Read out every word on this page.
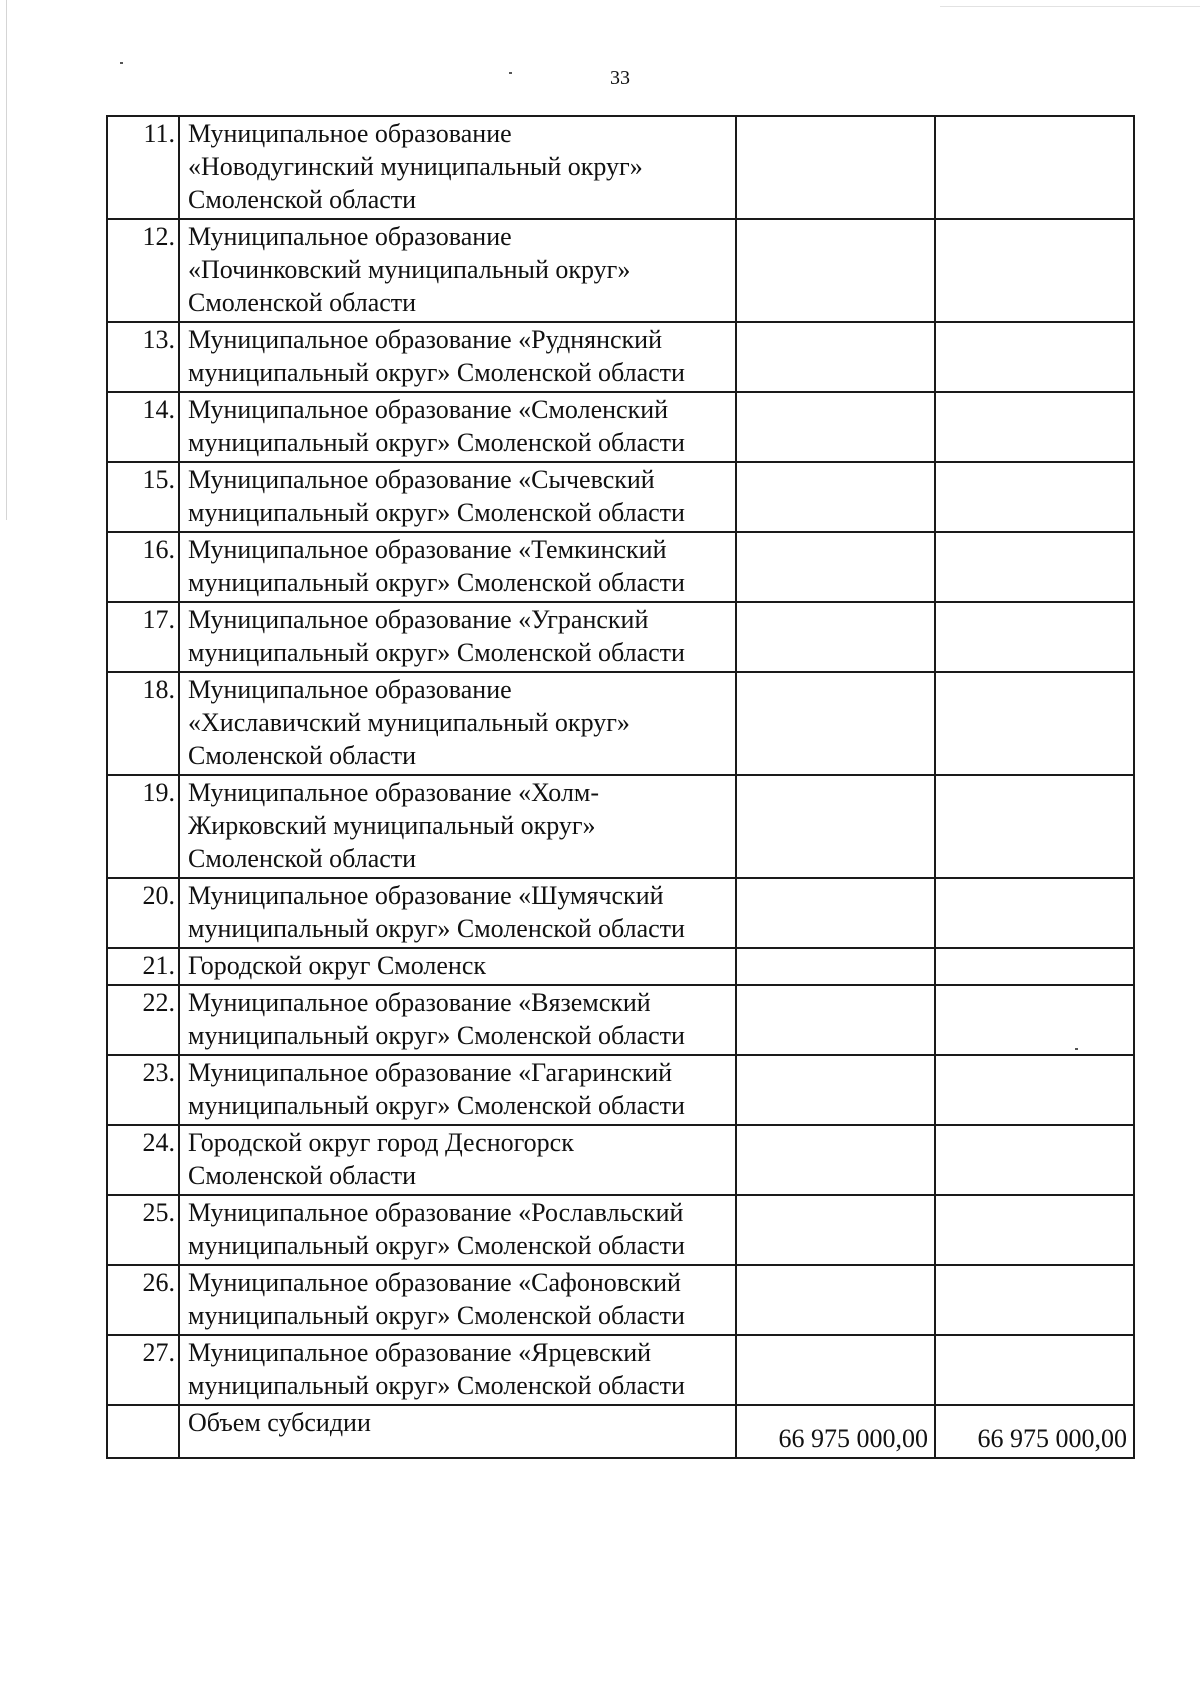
33
11.	Муниципальное образование
«Новодугинский муниципальный округ»
Смоленской области		
12.	Муниципальное образование
«Починковский муниципальный округ»
Смоленской области		
13.	Муниципальное образование «Руднянский
муниципальный округ» Смоленской области		
14.	Муниципальное образование «Смоленский
муниципальный округ» Смоленской области		
15.	Муниципальное образование «Сычевский
муниципальный округ» Смоленской области		
16.	Муниципальное образование «Темкинский
муниципальный округ» Смоленской области		
17.	Муниципальное образование «Угранский
муниципальный округ» Смоленской области		
18.	Муниципальное образование
«Хиславичский муниципальный округ»
Смоленской области		
19.	Муниципальное образование «Холм-
Жирковский муниципальный округ»
Смоленской области		
20.	Муниципальное образование «Шумячский
муниципальный округ» Смоленской области		
21.	Городской округ Смоленск		
22.	Муниципальное образование «Вяземский
муниципальный округ» Смоленской области		
23.	Муниципальное образование «Гагаринский
муниципальный округ» Смоленской области		
24.	Городской округ город Десногорск
Смоленской области		
25.	Муниципальное образование «Рославльский
муниципальный округ» Смоленской области		
26.	Муниципальное образование «Сафоновский
муниципальный округ» Смоленской области		
27.	Муниципальное образование «Ярцевский
муниципальный округ» Смоленской области		
	Объем субсидии	66 975 000,00	66 975 000,00
